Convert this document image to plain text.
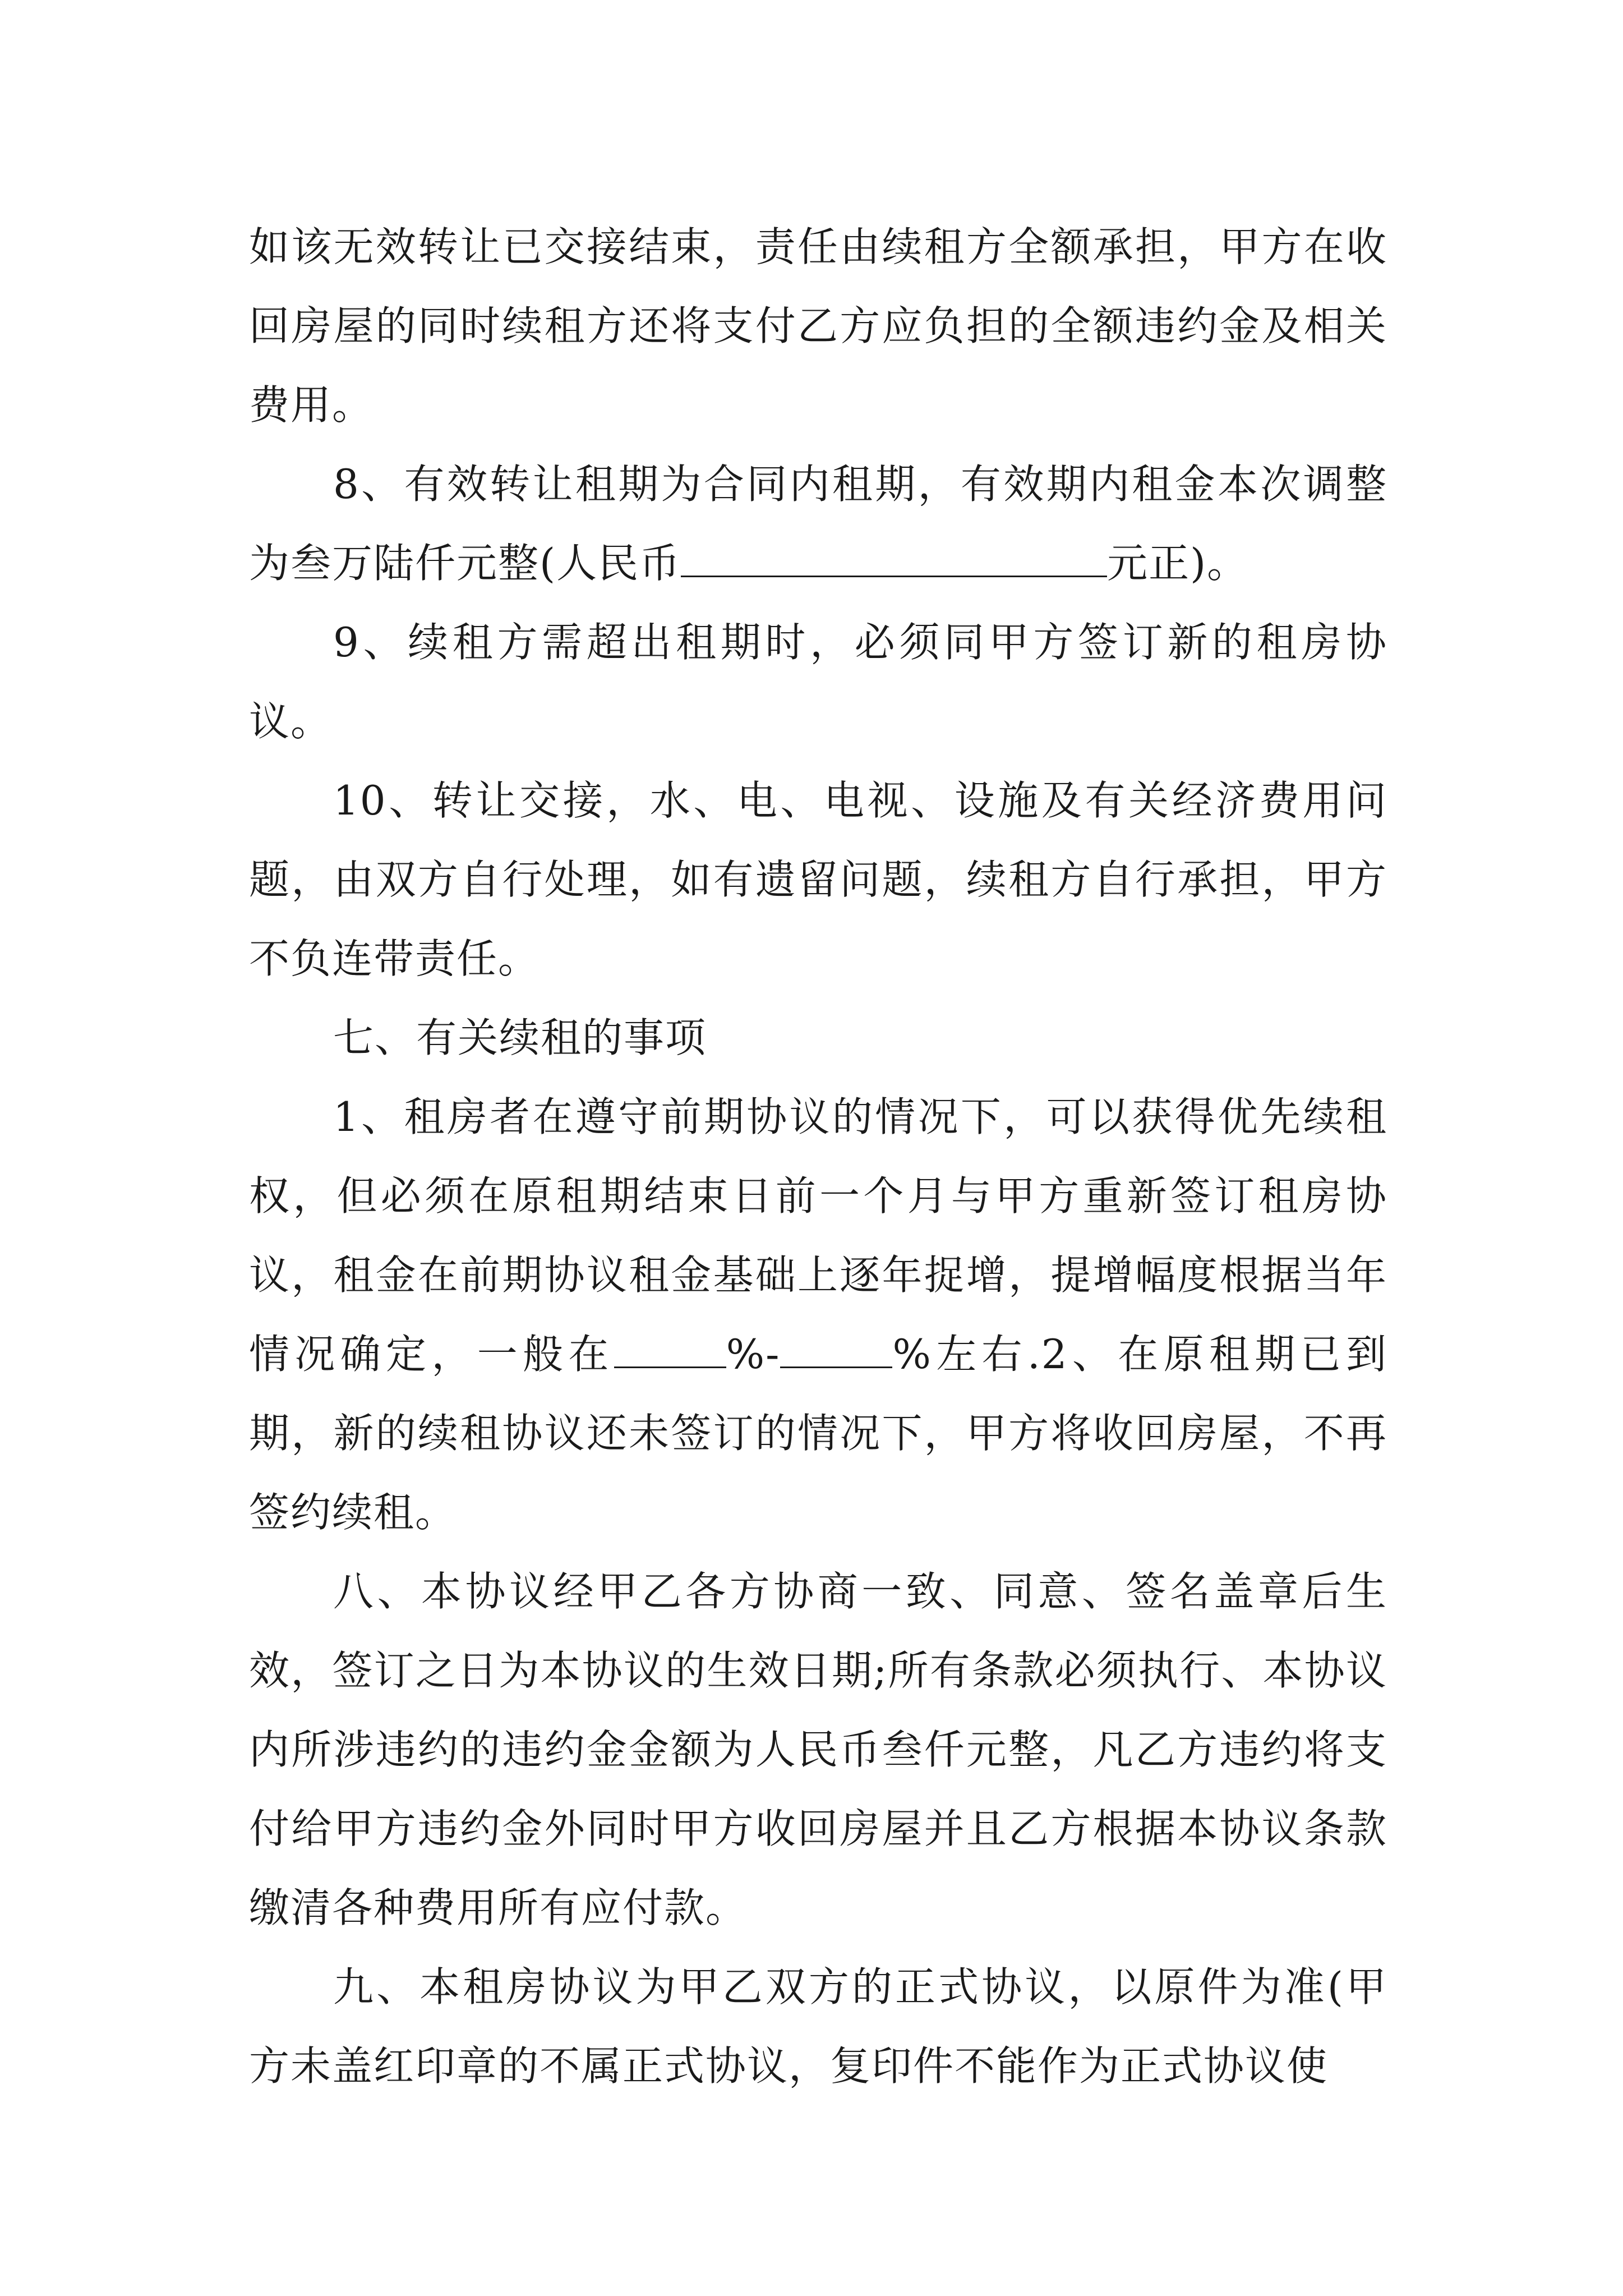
如该无效转让已交接结束，责任由续租方全额承担，甲方在收回房屋的同时续租方还将支付乙方应负担的全额违约金及相关费用。

8、有效转让租期为合同内租期，有效期内租金本次调整为叁万陆仟元整(人民币	元正)。

9、续租方需超出租期时，必须同甲方签订新的租房协议。

10、转让交接，水、电、电视、设施及有关经济费用问题，由双方自行处理，如有遗留问题，续租方自行承担，甲方不负连带责任。

七、有关续租的事项

1、租房者在遵守前期协议的情况下，可以获得优先续租权，但必须在原租期结束日前一个月与甲方重新签订租房协议，租金在前期协议租金基础上逐年捉增，提增幅度根据当年情况确定，一般在	%-	%左右.2、在原租期已到期，新的续租协议还未签订的情况下，甲方将收回房屋，不再签约续租。

八、本协议经甲乙各方协商一致、同意、签名盖章后生效，签订之日为本协议的生效日期;所有条款必须执行、本协议内所涉违约的违约金金额为人民币叁仟元整，凡乙方违约将支付给甲方违约金外同时甲方收回房屋并且乙方根据本协议条款缴清各种费用所有应付款。

九、本租房协议为甲乙双方的正式协议，以原件为准(甲方未盖红印章的不属正式协议，复印件不能作为正式协议使
